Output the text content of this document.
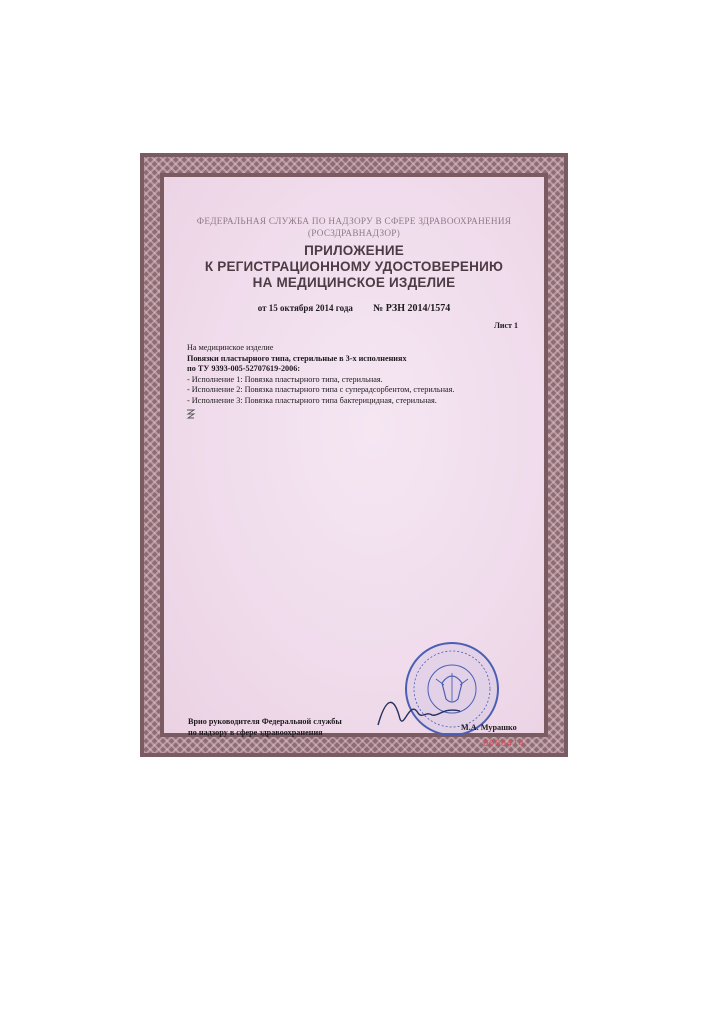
ФЕДЕРАЛЬНАЯ СЛУЖБА ПО НАДЗОРУ В СФЕРЕ ЗДРАВООХРАНЕНИЯ
(РОСЗДРАВНАДЗОР)
ПРИЛОЖЕНИЕ
К РЕГИСТРАЦИОННОМУ УДОСТОВЕРЕНИЮ
НА МЕДИЦИНСКОЕ ИЗДЕЛИЕ
от 15 октября 2014 года № РЗН 2014/1574
Лист 1
На медицинское изделие
Повязки пластырного типа, стерильные в 3-х исполнениях
по ТУ 9393-005-52707619-2006:
- Исполнение 1: Повязка пластырного типа, стерильная.
- Исполнение 2: Повязка пластырного типа с суперадсорбентом, стерильная.
- Исполнение 3: Повязка пластырного типа бактерицидная, стерильная.
Врио руководителя Федеральной службы
по надзору в сфере здравоохранения
М.А. Мурашко
0008414
